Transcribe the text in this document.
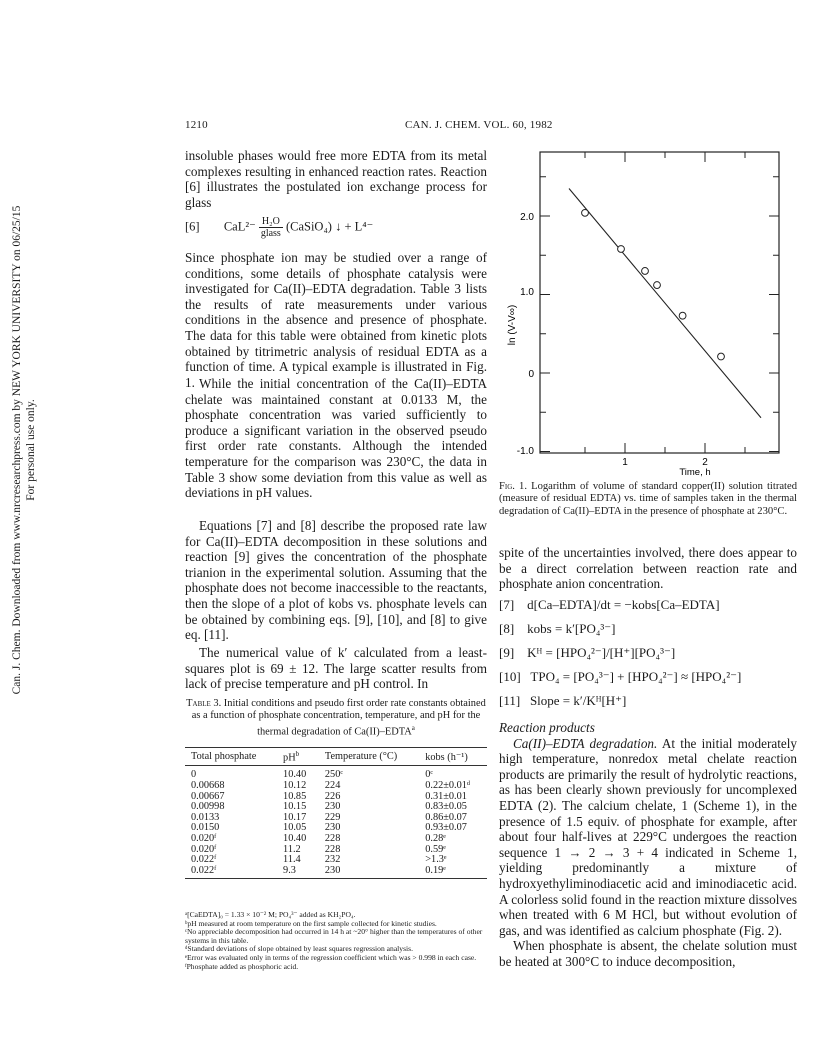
Can. J. Chem. Downloaded from www.nrcresearchpress.com by NEW YORK UNIVERSITY on 06/25/15 For personal use only.
1210	CAN. J. CHEM. VOL. 60, 1982

insoluble phases would free more EDTA from its metal complexes resulting in enhanced reaction rates. Reaction [6] illustrates the postulated ion exchange process for glass

[6] $CaL^{2-} \frac{\text{H₂O}}{\text{glass}}$ (CaSiO₄) ↓ + L⁴⁻

Since phosphate ion may be studied over a range of conditions, some details of phosphate catalysis were investigated for Ca(II)–EDTA degradation. Table 3 lists the results of rate measurements under various conditions in the absence and presence of phosphate. The data for this table were obtained from kinetic plots obtained by titrimetric analysis of residual EDTA as a function of time. A typical example is illustrated in Fig. 1. While the initial concentration of the Ca(II)–EDTA chelate was maintained constant at 0.0133 M, the phosphate concentration was varied sufficiently to produce a significant variation in the observed pseudo first order rate constants. Although the intended temperature for the comparison was 230°C, the data in Table 3 show some deviation from this value as well as deviations in pH values.

Equations [7] and [8] describe the proposed rate law for Ca(II)–EDTA decomposition in these solutions and reaction [9] gives the concentration of the phosphate trianion in the experimental solution. Assuming that the phosphate does not become inaccessible to the reactants, then the slope of a plot of kobs vs. phosphate levels can be obtained by combining eqs. [9], [10], and [8] to give eq. [11].

The numerical value of k′ calculated from a least-squares plot is 69 ± 12. The large scatter results from lack of precise temperature and pH control. In

Table 3. Initial conditions and pseudo first order rate constants obtained as a function of phosphate concentration, temperature, and pH for the thermal degradation of Ca(II)–EDTA$^a$
Total phosphate	$pH^b$	Temperature (°C)	kobs (h⁻¹)
0	10.40	250ᶜ	0ᶜ
0.00668	10.12	224	0.22±0.01ᵈ
0.00667	10.85	226	0.31±0.01
0.00998	10.15	230	0.83±0.05
0.0133	10.17	229	0.86±0.07
0.0150	10.05	230	0.93±0.07
0.020ᶠ	10.40	228	0.28ᵉ
0.020ᶠ	11.2	228	0.59ᵉ
0.022ᶠ	11.4	232	>1.3ᵉ
0.022ᶠ	9.3	230	0.19ᵉ
ᵃ[CaEDTA]₀ = 1.33 × 10⁻² M; PO₄³⁻ added as KH₂PO₄.
ᵇpH measured at room temperature on the first sample collected for kinetic studies.
ᶜNo appreciable decomposition had occurred in 14 h at ~20° higher than the temperatures of other systems in this table.
ᵈStandard deviations of slope obtained by least squares regression analysis.
ᵉError was evaluated only in terms of the regression coefficient which was > 0.998 in each case.
ᶠPhosphate added as phosphoric acid.
ln (V-V∞)
Time, h
2.0
1.0
0
-1.0
1	2
Fig. 1. Logarithm of volume of standard copper(II) solution titrated (measure of residual EDTA) vs. time of samples taken in the thermal degradation of Ca(II)–EDTA in the presence of phosphate at 230°C.

spite of the uncertainties involved, there does appear to be a direct correlation between reaction rate and phosphate anion concentration.

[7] d[Ca–EDTA]/dt = −kobs[Ca–EDTA]
[8] kobs = k′[PO₄³⁻]
[9] Kᴴ = [HPO₄²⁻]/[H⁺][PO₄³⁻]
[10] TPO₄ = [PO₄³⁻] + [HPO₄²⁻] ≈ [HPO₄²⁻]
[11] Slope = k′/Kᴴ[H⁺]

Reaction products

Ca(II)–EDTA degradation. At the initial moderately high temperature, nonredox metal chelate reaction products are primarily the result of hydrolytic reactions, as has been clearly shown previously for uncomplexed EDTA (2). The calcium chelate, 1 (Scheme 1), in the presence of 1.5 equiv. of phosphate for example, after about four half-lives at 229°C undergoes the reaction sequence 1 → 2 → 3 + 4 indicated in Scheme 1, yielding predominantly a mixture of hydroxyethyliminodiacetic acid and iminodiacetic acid. A colorless solid found in the reaction mixture dissolves when treated with 6 M HCl, but without evolution of gas, and was identified as calcium phosphate (Fig. 2).

When phosphate is absent, the chelate solution must be heated at 300°C to induce decomposition,
